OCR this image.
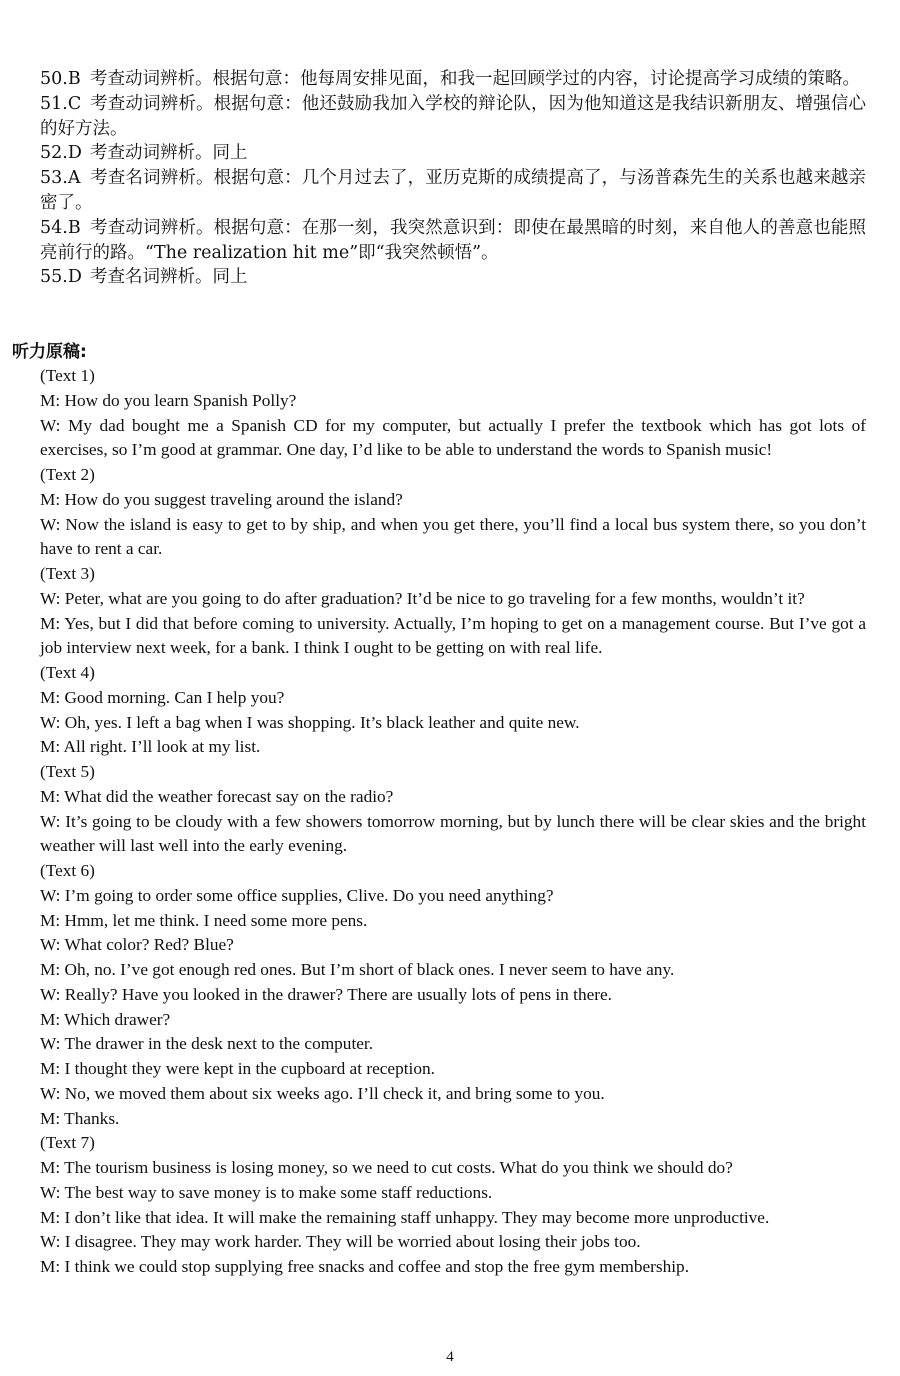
50.B 考查动词辨析。根据句意：他每周安排见面，和我一起回顾学过的内容，讨论提高学习成绩的策略。

51.C 考查动词辨析。根据句意：他还鼓励我加入学校的辩论队，因为他知道这是我结识新朋友、增强信心的好方法。

52.D 考查动词辨析。同上

53.A 考查名词辨析。根据句意：几个月过去了，亚历克斯的成绩提高了，与汤普森先生的关系也越来越亲密了。

54.B 考查动词辨析。根据句意：在那一刻，我突然意识到：即使在最黑暗的时刻，来自他人的善意也能照亮前行的路。“The realization hit me”即“我突然顿悟”。

55.D 考查名词辨析。同上

听力原稿:

(Text 1)

M: How do you learn Spanish Polly?

W: My dad bought me a Spanish CD for my computer, but actually I prefer the textbook which has got lots of exercises, so I’m good at grammar. One day, I’d like to be able to understand the words to Spanish music!

(Text 2)

M: How do you suggest traveling around the island?

W: Now the island is easy to get to by ship, and when you get there, you’ll find a local bus system there, so you don’t have to rent a car.

(Text 3)

W: Peter, what are you going to do after graduation? It’d be nice to go traveling for a few months, wouldn’t it?

M: Yes, but I did that before coming to university. Actually, I’m hoping to get on a management course. But I’ve got a job interview next week, for a bank. I think I ought to be getting on with real life.

(Text 4)

M: Good morning. Can I help you?

W: Oh, yes. I left a bag when I was shopping. It’s black leather and quite new.

M: All right. I’ll look at my list.

(Text 5)

M: What did the weather forecast say on the radio?

W: It’s going to be cloudy with a few showers tomorrow morning, but by lunch there will be clear skies and the bright weather will last well into the early evening.

(Text 6)

W: I’m going to order some office supplies, Clive. Do you need anything?

M: Hmm, let me think. I need some more pens.

W: What color? Red? Blue?

M: Oh, no. I’ve got enough red ones. But I’m short of black ones. I never seem to have any.

W: Really? Have you looked in the drawer? There are usually lots of pens in there.

M: Which drawer?

W: The drawer in the desk next to the computer.

M: I thought they were kept in the cupboard at reception.

W: No, we moved them about six weeks ago. I’ll check it, and bring some to you.

M: Thanks.

(Text 7)

M: The tourism business is losing money, so we need to cut costs. What do you think we should do?

W: The best way to save money is to make some staff reductions.

M: I don’t like that idea. It will make the remaining staff unhappy. They may become more unproductive.

W: I disagree. They may work harder. They will be worried about losing their jobs too.

M: I think we could stop supplying free snacks and coffee and stop the free gym membership.

4
